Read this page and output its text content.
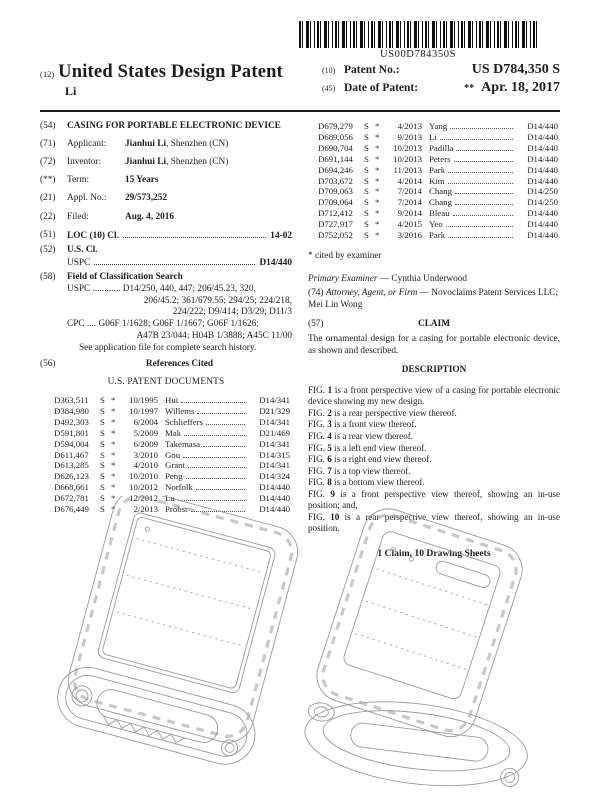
US00D784350S
(12) United States Design Patent
Li
(10) Patent No.:	US D784,350 S
(45) Date of Patent:	** Apr. 18, 2017
(54)	CASING FOR PORTABLE ELECTRONIC DEVICE
(71)	Applicant: Jianhui Li, Shenzhen (CN)
(72)	Inventor:	Jianhui Li, Shenzhen (CN)
(**)	Term:	15 Years
(21)	Appl. No.: 29/573,252
(22)	Filed:	Aug. 4, 2016
(51)	LOC (10) Cl.	14-02
(52)	U.S. Cl.
USPC	D14/440
(58)	Field of Classification Search
USPC ............ D14/250, 440, 447; 206/45.23, 320,
206/45.2; 361/679.55; 294/25; 224/218,
224/222; D9/414; D3/29; D11/3
CPC .... G06F 1/1628; G06F 1/1667; G06F 1/1626;
A47B 23/044; H04B 1/3888; A45C 11/00
See application file for complete search history.
(56)	References Cited
U.S. PATENT DOCUMENTS
D363,511	S *	10/1995 Hui	D14/341
D384,980	S *	10/1997 Willems	D21/329
D492,303	S *	6/2004 Schlieffers	D14/341
D591,801	S *	5/2009 Mak	D21/469
D594,004	S *	6/2009 Takemasa	D14/341
D611,467	S *	3/2010 Gou	D14/315
D613,285	S *	4/2010 Grant	D14/341
D626,123	S *	10/2010 Peng	D14/324
D668,661	S *	10/2012 Norfolk	D14/440
D672,781	S *	12/2012 Lu	D14/440
D676,449	S *	2/2013 Probst	D14/440
D679,279	S *	4/2013 Yang	D14/440
D689,056	S *	9/2013 Li	D14/440
D690,704	S *	10/2013 Padilla	D14/440
D691,144	S *	10/2013 Peters	D14/440
D694,246	S *	11/2013 Park	D14/440
D703,672	S *	4/2014 Kim	D14/440
D709,063	S *	7/2014 Chang	D14/250
D709,064	S *	7/2014 Chang	D14/250
D712,412	S *	9/2014 Bleau	D14/440
D727,917	S *	4/2015 Yeo	D14/440
D752,052	S *	3/2016 Park	D14/440
* cited by examiner
Primary Examiner — Cynthia Underwood
(74) Attorney, Agent, or Firm — Novoclaims Patent Services LLC; Mei Lin Wong
(57)	CLAIM
The ornamental design for a casing for portable electronic device, as shown and described.
DESCRIPTION
FIG. 1 is a front perspective view of a casing for portable electronic device showing my new design.
FIG. 2 is a rear perspective view thereof.
FIG. 3 is a front view thereof.
FIG. 4 is a rear view thereof.
FIG. 5 is a left end view thereof.
FIG. 6 is a right end view thereof.
FIG. 7 is a top view thereof.
FIG. 8 is a bottom view thereof.
FIG. 9 is a front perspective view thereof, showing an in-use position; and,
FIG. 10 is a rear perspective view thereof, showing an in-use position.
1 Claim, 10 Drawing Sheets
